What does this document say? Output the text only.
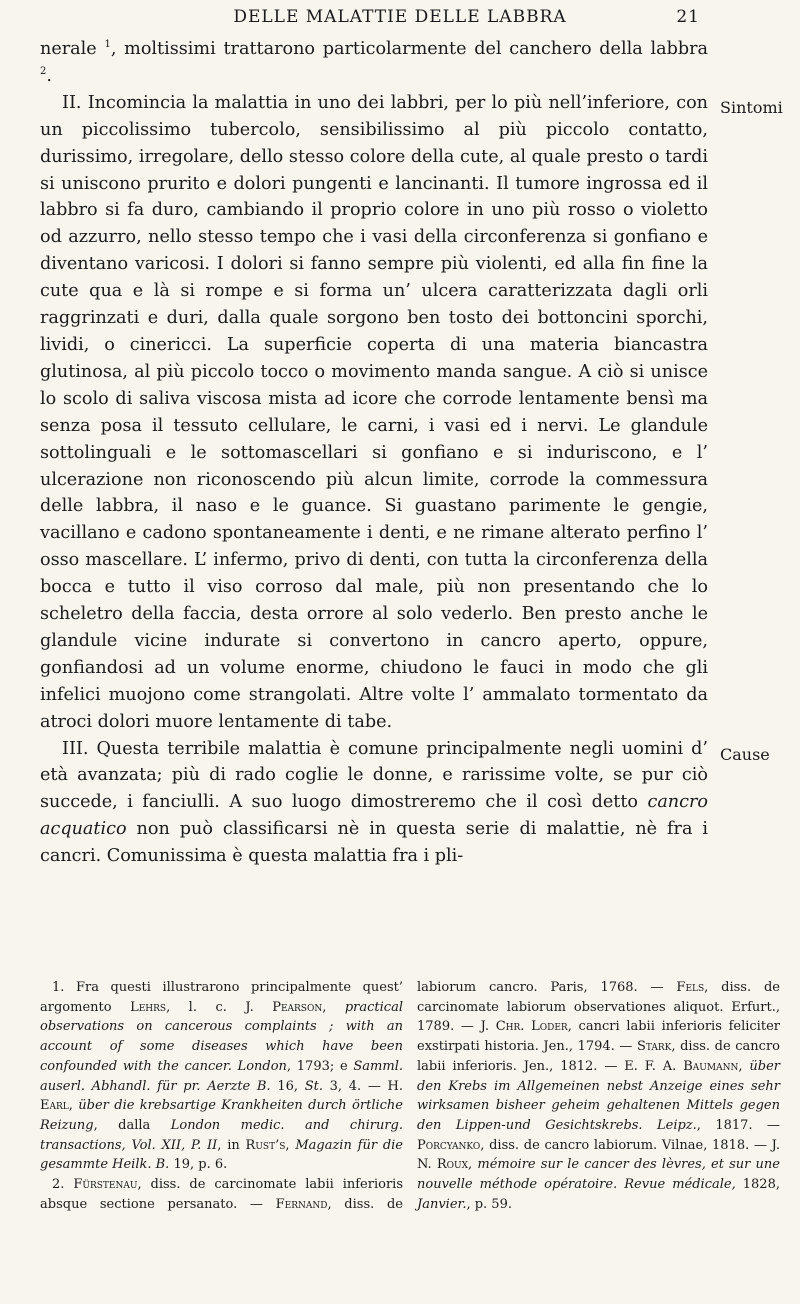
DELLE MALATTIE DELLE LABBRA	21
Sintomi
Cause

nerale $^1$, moltissimi trattarono particolarmente del canchero della labbra $^2$.

II. Incomincia la malattia in uno dei labbri, per lo più nell’inferiore, con un piccolissimo tubercolo, sensibilissimo al più piccolo contatto, durissimo, irregolare, dello stesso colore della cute, al quale presto o tardi si uniscono prurito e dolori pungenti e lancinanti. Il tumore ingrossa ed il labbro si fa duro, cambiando il proprio colore in uno più rosso o violetto od azzurro, nello stesso tempo che i vasi della circonferenza si gonfiano e diventano varicosi. I dolori si fanno sempre più violenti, ed alla fin fine la cute qua e là si rompe e si forma un’ ulcera caratterizzata dagli orli raggrinzati e duri, dalla quale sorgono ben tosto dei bottoncini sporchi, lividi, o cinericci. La superficie coperta di una materia biancastra glutinosa, al più piccolo tocco o movimento manda sangue. A ciò si unisce lo scolo di saliva viscosa mista ad icore che corrode lentamente bensì ma senza posa il tessuto cellulare, le carni, i vasi ed i nervi. Le glandule sottolinguali e le sottomascellari si gonfiano e si induriscono, e l’ ulcerazione non riconoscendo più alcun limite, corrode la commessura delle labbra, il naso e le guance. Si guastano parimente le gengie, vacillano e cadono spontaneamente i denti, e ne rimane alterato perfino l’ osso mascellare. L’ infermo, privo di denti, con tutta la circonferenza della bocca e tutto il viso corroso dal male, più non presentando che lo scheletro della faccia, desta orrore al solo vederlo. Ben presto anche le glandule vicine indurate si convertono in cancro aperto, oppure, gonfiandosi ad un volume enorme, chiudono le fauci in modo che gli infelici muojono come strangolati. Altre volte l’ ammalato tormentato da atroci dolori muore lentamente di tabe.

III. Questa terribile malattia è comune principalmente negli uomini d’ età avanzata; più di rado coglie le donne, e rarissime volte, se pur ciò succede, i fanciulli. A suo luogo dimostreremo che il così detto cancro acquatico non può classificarsi nè in questa serie di malattie, nè fra i cancri. Comunissima è questa malattia fra i pli-

1. Fra questi illustrarono principalmente quest’ argomento Lehrs, l. c. J. Pearson, practical observations on cancerous complaints ; with an account of some diseases which have been confounded with the cancer. London, 1793; e Samml. auserl. Abhandl. für pr. Aerzte B. 16, St. 3, 4. — H. Earl, über die krebsartige Krankheiten durch örtliche Reizung, dalla London medic. and chirurg. transactions, Vol. XII, P. II, in Rust’s, Magazin für die gesammte Heilk. B. 19, p. 6.

2. Fürstenau, diss. de carcinomate labii inferioris absque sectione persanato. — Fernand, diss. de labiorum cancro. Paris, 1768. — Fels, diss. de carcinomate labiorum observationes aliquot. Erfurt., 1789. — J. Chr. Loder, cancri labii inferioris feliciter exstirpati historia. Jen., 1794. — Stark, diss. de cancro labii inferioris. Jen., 1812. — E. F. A. Baumann, über den Krebs im Allgemeinen nebst Anzeige eines sehr wirksamen bisheer geheim gehaltenen Mittels gegen den Lippen-und Gesichtskrebs. Leipz., 1817. — Porcyanko, diss. de cancro labiorum. Vilnae, 1818. — J. N. Roux, mémoire sur le cancer des lèvres, et sur une nouvelle méthode opératoire. Revue médicale, 1828, Janvier., p. 59.
